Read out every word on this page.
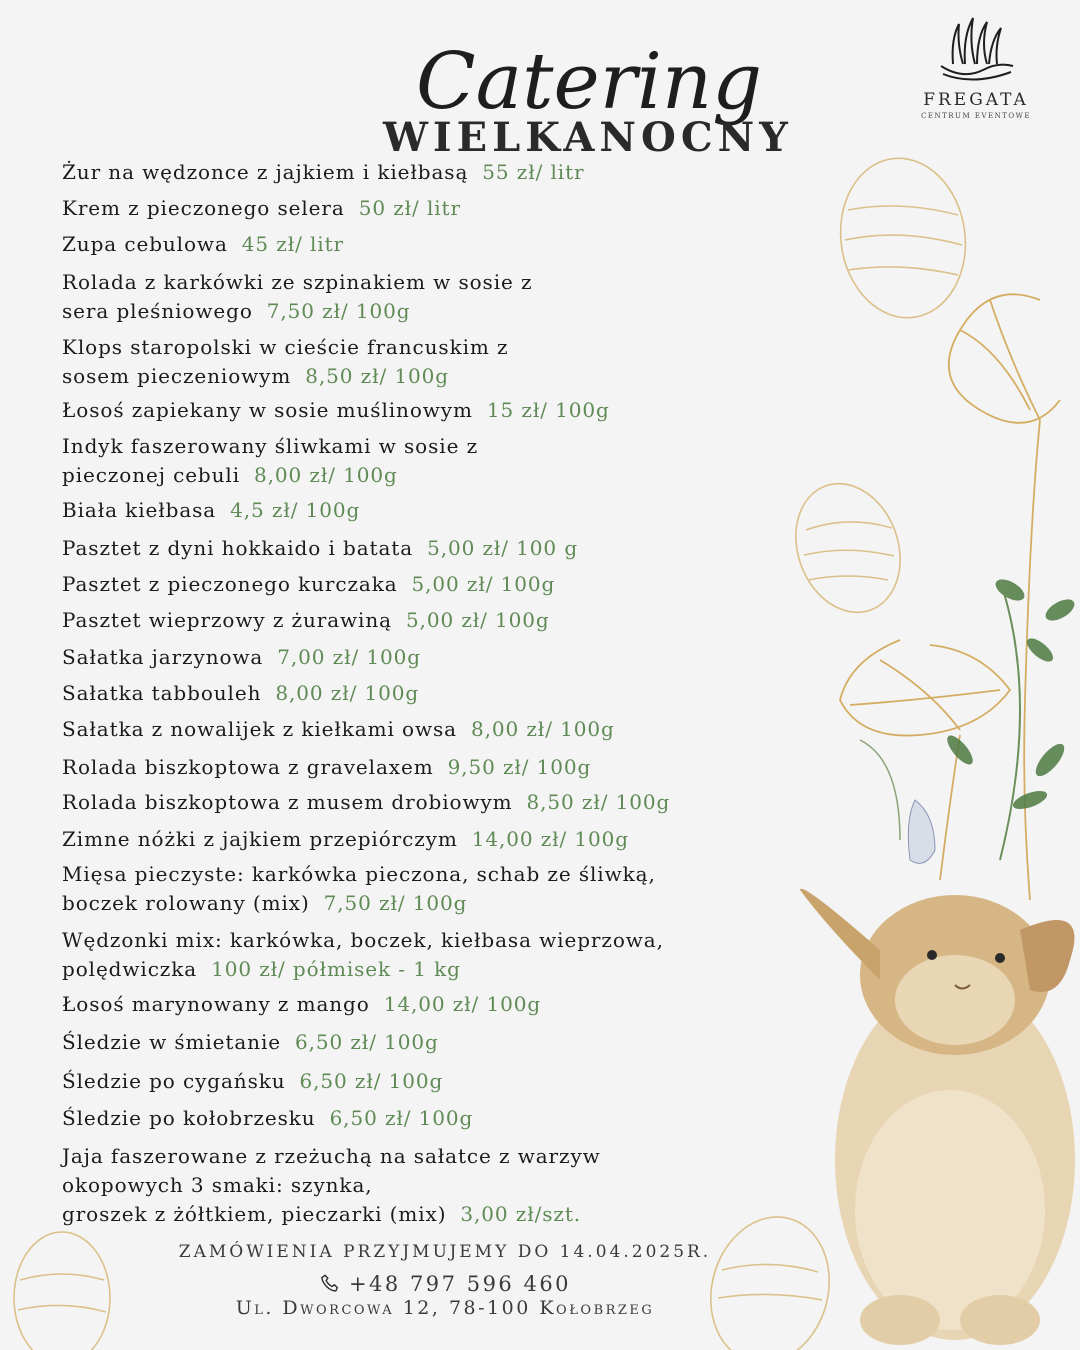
Catering
WIELKANOCNY
FREGATA
CENTRUM EVENTOWE
Żur na wędzonce z jajkiem i kiełbasą 55 zł/ litr
Krem z pieczonego selera 50 zł/ litr
Zupa cebulowa 45 zł/ litr
Rolada z karkówki ze szpinakiem w sosie z
sera pleśniowego 7,50 zł/ 100g
Klops staropolski w cieście francuskim z
sosem pieczeniowym 8,50 zł/ 100g
Łosoś zapiekany w sosie muślinowym 15 zł/ 100g
Indyk faszerowany śliwkami w sosie z
pieczonej cebuli 8,00 zł/ 100g
Biała kiełbasa 4,5 zł/ 100g
Pasztet z dyni hokkaido i batata 5,00 zł/ 100 g
Pasztet z pieczonego kurczaka 5,00 zł/ 100g
Pasztet wieprzowy z żurawiną 5,00 zł/ 100g
Sałatka jarzynowa 7,00 zł/ 100g
Sałatka tabbouleh 8,00 zł/ 100g
Sałatka z nowalijek z kiełkami owsa 8,00 zł/ 100g
Rolada biszkoptowa z gravelaxem 9,50 zł/ 100g
Rolada biszkoptowa z musem drobiowym 8,50 zł/ 100g
Zimne nóżki z jajkiem przepiórczym 14,00 zł/ 100g
Mięsa pieczyste: karkówka pieczona, schab ze śliwką,
boczek rolowany (mix) 7,50 zł/ 100g
Wędzonki mix: karkówka, boczek, kiełbasa wieprzowa,
polędwiczka 100 zł/ półmisek - 1 kg
Łosoś marynowany z mango 14,00 zł/ 100g
Śledzie w śmietanie 6,50 zł/ 100g
Śledzie po cygańsku 6,50 zł/ 100g
Śledzie po kołobrzesku 6,50 zł/ 100g
Jaja faszerowane z rzeżuchą na sałatce z warzyw
okopowych 3 smaki: szynka,
groszek z żółtkiem, pieczarki (mix) 3,00 zł/szt.
ZAMÓWIENIA PRZYJMUJEMY DO 14.04.2025R.
+48 797 596 460
Ul. Dworcowa 12, 78-100 Kołobrzeg
